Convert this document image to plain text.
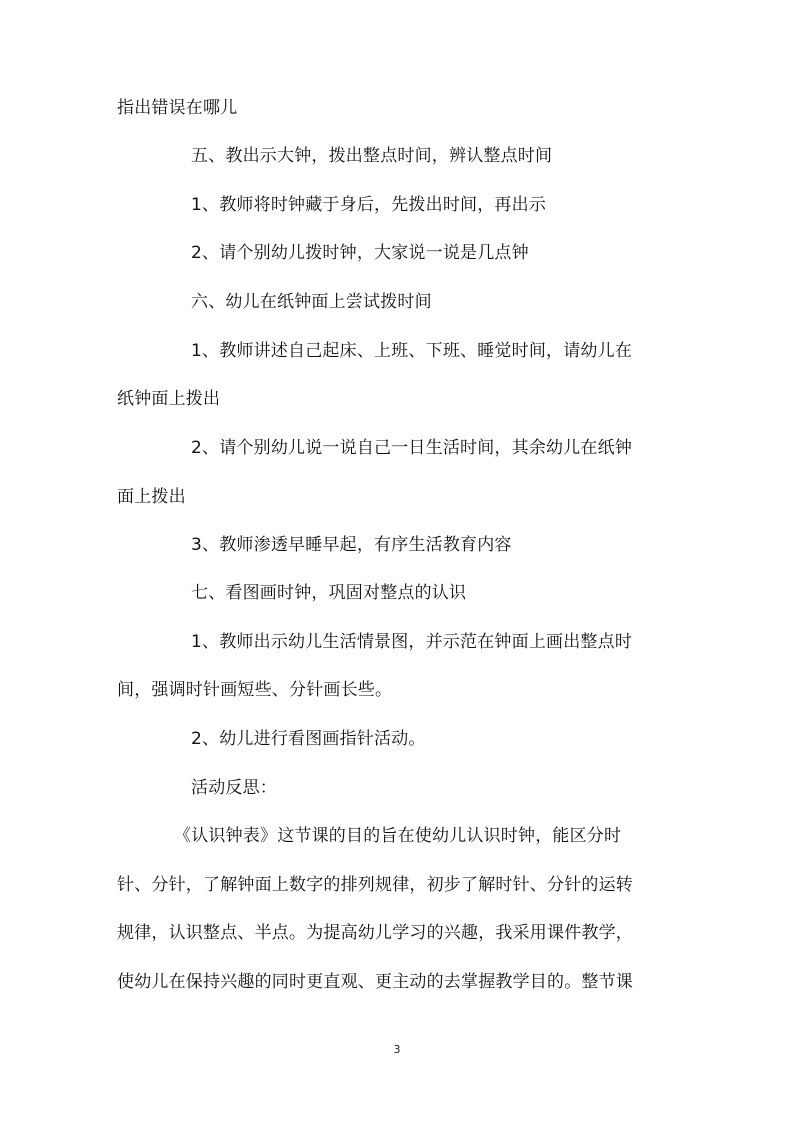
指出错误在哪儿
五、教出示大钟，拨出整点时间，辨认整点时间
1、教师将时钟藏于身后，先拨出时间，再出示
2、请个别幼儿拨时钟，大家说一说是几点钟
六、幼儿在纸钟面上尝试拨时间
1、教师讲述自己起床、上班、下班、睡觉时间，请幼儿在
纸钟面上拨出
2、请个别幼儿说一说自己一日生活时间，其余幼儿在纸钟
面上拨出
3、教师渗透早睡早起，有序生活教育内容
七、看图画时钟，巩固对整点的认识
1、教师出示幼儿生活情景图，并示范在钟面上画出整点时
间，强调时针画短些、分针画长些。
2、幼儿进行看图画指针活动。
活动反思：
《认识钟表》这节课的目的旨在使幼儿认识时钟，能区分时
针、分针，了解钟面上数字的排列规律，初步了解时针、分针的运转
规律，认识整点、半点。为提高幼儿学习的兴趣，我采用课件教学，
使幼儿在保持兴趣的同时更直观、更主动的去掌握教学目的。整节课
3
